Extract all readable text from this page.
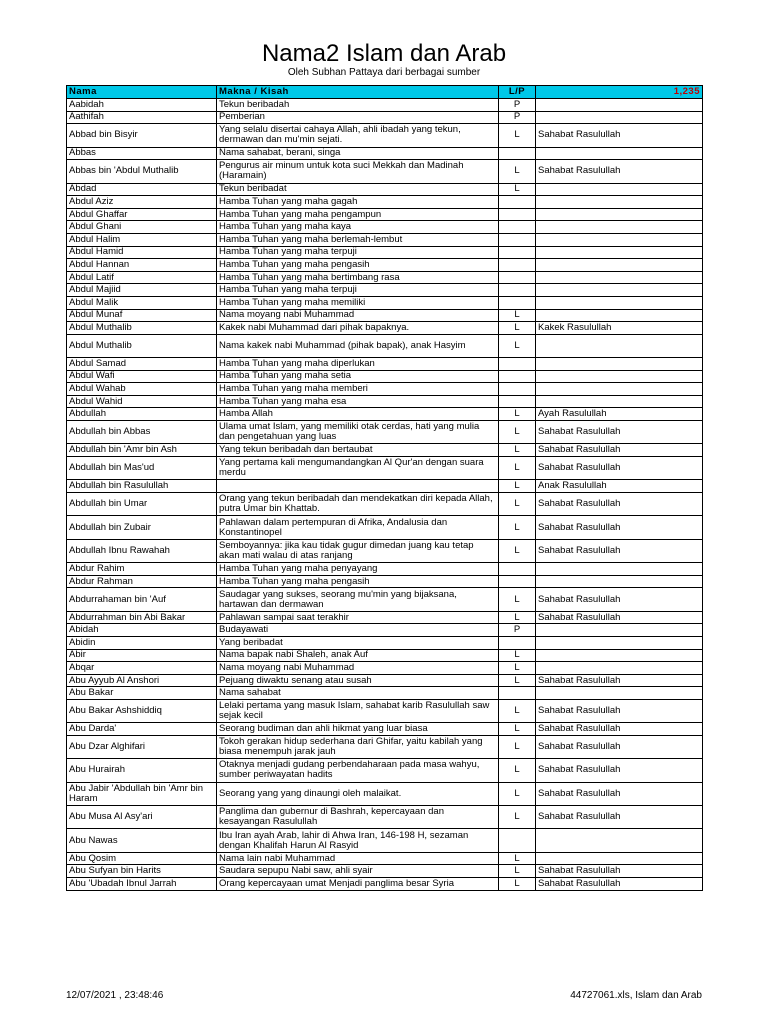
Nama2 Islam dan Arab
Oleh Subhan Pattaya dari berbagai sumber
Nama	Makna / Kisah	L/P	1,235
Aabidah	Tekun beribadah	P	
Aathifah	Pemberian	P	
Abbad bin Bisyir	Yang selalu disertai cahaya Allah, ahli ibadah yang tekun, dermawan dan mu'min sejati.	L	Sahabat Rasulullah
Abbas	Nama sahabat, berani, singa		
Abbas bin 'Abdul Muthalib	Pengurus air minum untuk kota suci Mekkah dan Madinah (Haramain)	L	Sahabat Rasulullah
Abdad	Tekun beribadat	L	
Abdul Aziz	Hamba Tuhan yang maha gagah		
Abdul Ghaffar	Hamba Tuhan yang maha pengampun		
Abdul Ghani	Hamba Tuhan yang maha kaya		
Abdul Halim	Hamba Tuhan yang maha berlemah-lembut		
Abdul Hamid	Hamba Tuhan yang maha terpuji		
Abdul Hannan	Hamba Tuhan yang maha pengasih		
Abdul Latif	Hamba Tuhan yang maha bertimbang rasa		
Abdul Majiid	Hamba Tuhan yang maha terpuji		
Abdul Malik	Hamba Tuhan yang maha memiliki		
Abdul Munaf	Nama moyang nabi Muhammad	L	
Abdul Muthalib	Kakek nabi Muhammad dari pihak bapaknya.	L	Kakek Rasulullah
Abdul Muthalib	Nama kakek nabi Muhammad (pihak bapak), anak Hasyim	L	
Abdul Samad	Hamba Tuhan yang maha diperlukan		
Abdul Wafi	Hamba Tuhan yang maha setia		
Abdul Wahab	Hamba Tuhan yang maha memberi		
Abdul Wahid	Hamba Tuhan yang maha esa		
Abdullah	Hamba Allah	L	Ayah Rasulullah
Abdullah bin Abbas	Ulama umat Islam, yang memiliki otak cerdas, hati yang mulia dan pengetahuan yang luas	L	Sahabat Rasulullah
Abdullah bin 'Amr bin Ash	Yang tekun beribadah dan bertaubat	L	Sahabat Rasulullah
Abdullah bin Mas'ud	Yang pertama kali mengumandangkan Al Qur'an dengan suara merdu	L	Sahabat Rasulullah
Abdullah bin Rasulullah		L	Anak Rasulullah
Abdullah bin Umar	Orang yang tekun beribadah dan mendekatkan diri kepada Allah, putra Umar bin Khattab.	L	Sahabat Rasulullah
Abdullah bin Zubair	Pahlawan dalam pertempuran di Afrika, Andalusia dan Konstantinopel	L	Sahabat Rasulullah
Abdullah Ibnu Rawahah	Semboyannya: jika kau tidak gugur dimedan juang kau tetap akan mati walau di atas ranjang	L	Sahabat Rasulullah
Abdur Rahim	Hamba Tuhan yang maha penyayang		
Abdur Rahman	Hamba Tuhan yang maha pengasih		
Abdurrahaman bin 'Auf	Saudagar yang sukses, seorang mu'min yang bijaksana, hartawan dan dermawan	L	Sahabat Rasulullah
Abdurrahman bin Abi Bakar	Pahlawan sampai saat terakhir	L	Sahabat Rasulullah
Abidah	Budayawati	P	
Abidin	Yang beribadat		
Abir	Nama bapak nabi Shaleh, anak Auf	L	
Abqar	Nama moyang nabi Muhammad	L	
Abu Ayyub Al Anshori	Pejuang diwaktu senang atau susah	L	Sahabat Rasulullah
Abu Bakar	Nama sahabat		
Abu Bakar Ashshiddiq	Lelaki pertama yang masuk Islam, sahabat karib Rasulullah saw sejak kecil	L	Sahabat Rasulullah
Abu Darda'	Seorang budiman dan ahli hikmat yang luar biasa	L	Sahabat Rasulullah
Abu Dzar Alghifari	Tokoh gerakan hidup sederhana dari Ghifar, yaitu kabilah yang biasa menempuh jarak jauh	L	Sahabat Rasulullah
Abu Hurairah	Otaknya menjadi gudang perbendaharaan pada masa wahyu, sumber periwayatan hadits	L	Sahabat Rasulullah
Abu Jabir 'Abdullah bin 'Amr bin Haram	Seorang yang yang dinaungi oleh malaikat.	L	Sahabat Rasulullah
Abu Musa Al Asy'ari	Panglima dan gubernur di Bashrah, kepercayaan dan kesayangan Rasulullah	L	Sahabat Rasulullah
Abu Nawas	Ibu Iran ayah Arab, lahir di Ahwa Iran, 146-198 H, sezaman dengan Khalifah Harun Al Rasyid		
Abu Qosim	Nama lain nabi Muhammad	L	
Abu Sufyan bin Harits	Saudara sepupu Nabi saw, ahli syair	L	Sahabat Rasulullah
Abu 'Ubadah Ibnul Jarrah	Orang kepercayaan umat Menjadi panglima besar Syria	L	Sahabat Rasulullah
12/07/2021 , 23:48:46	44727061.xls, Islam dan Arab
